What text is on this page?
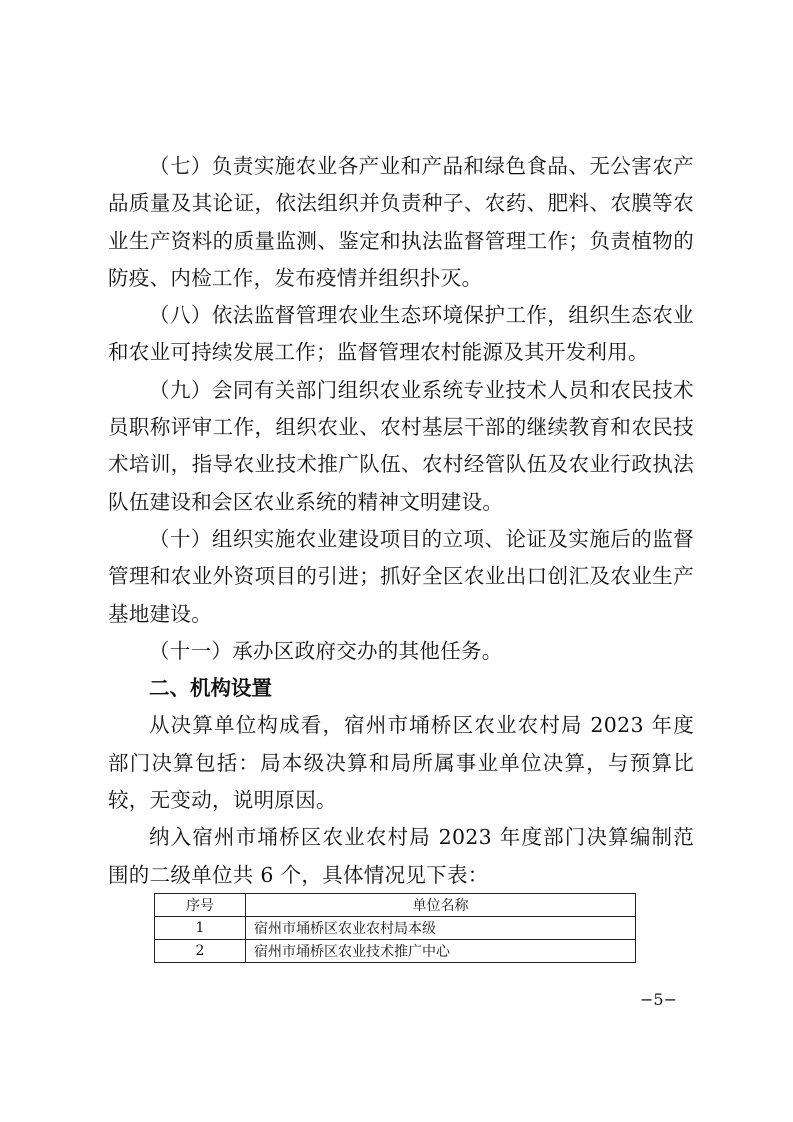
（七）负责实施农业各产业和产品和绿色食品、无公害农产品质量及其论证，依法组织并负责种子、农药、肥料、农膜等农业生产资料的质量监测、鉴定和执法监督管理工作；负责植物的防疫、内检工作，发布疫情并组织扑灭。

（八）依法监督管理农业生态环境保护工作，组织生态农业和农业可持续发展工作；监督管理农村能源及其开发利用。

（九）会同有关部门组织农业系统专业技术人员和农民技术员职称评审工作，组织农业、农村基层干部的继续教育和农民技术培训，指导农业技术推广队伍、农村经管队伍及农业行政执法队伍建设和会区农业系统的精神文明建设。

（十）组织实施农业建设项目的立项、论证及实施后的监督管理和农业外资项目的引进；抓好全区农业出口创汇及农业生产基地建设。

（十一）承办区政府交办的其他任务。

二、机构设置

从决算单位构成看，宿州市埇桥区农业农村局 2023 年度部门决算包括：局本级决算和局所属事业单位决算，与预算比较，无变动，说明原因。

纳入宿州市埇桥区农业农村局 2023 年度部门决算编制范围的二级单位共 6 个，具体情况见下表：

序号	单位名称
1	宿州市埇桥区农业农村局本级
2	宿州市埇桥区农业技术推广中心
−5−
